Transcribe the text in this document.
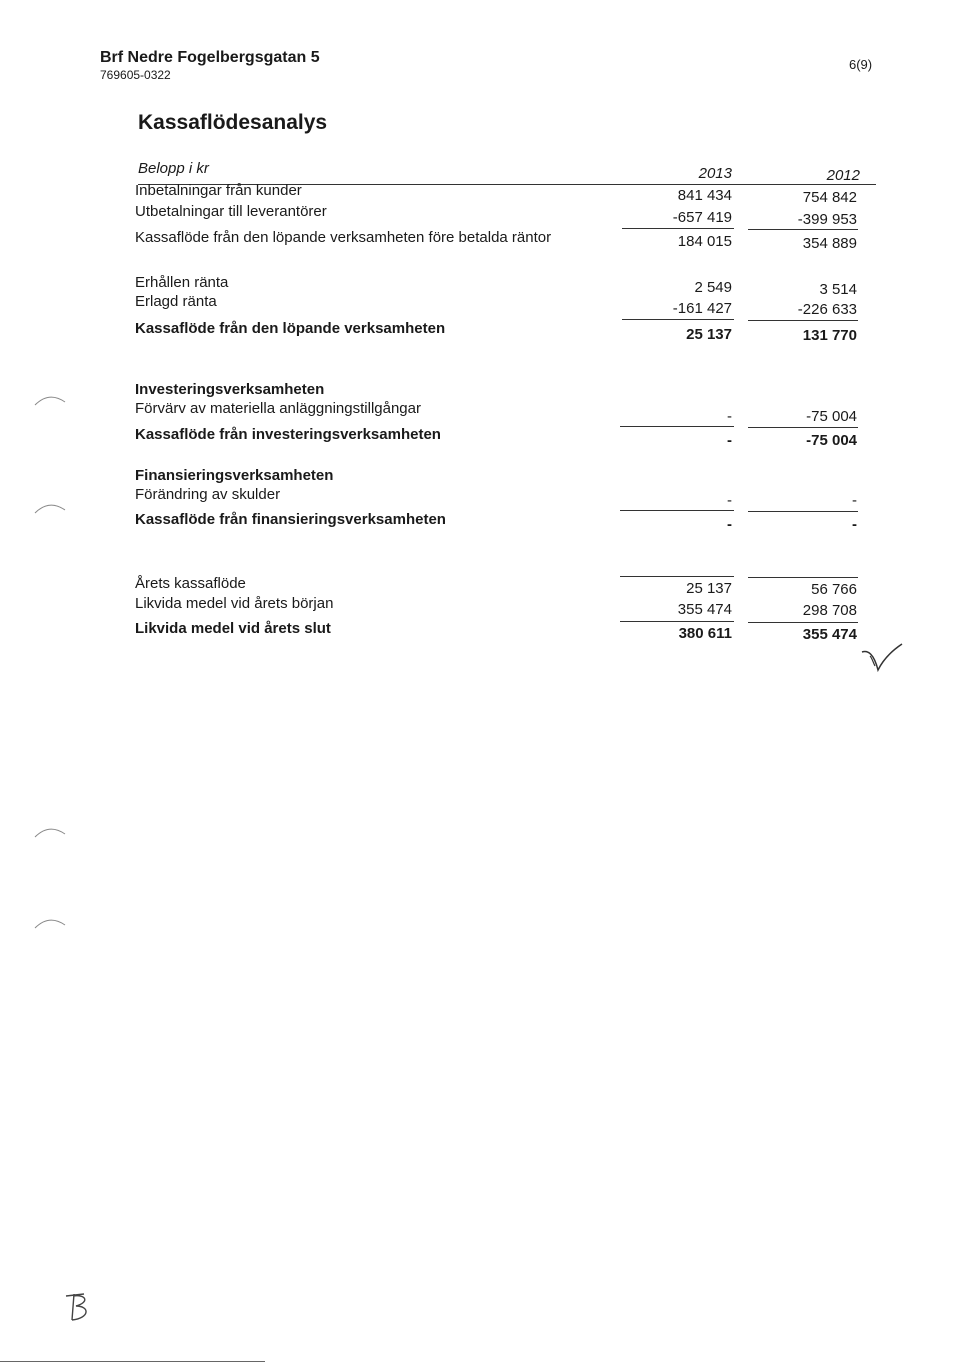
Brf Nedre Fogelbergsgatan 5
769605-0322
6(9)
Kassaflödesanalys
Belopp i kr	2013	2012
Inbetalningar från kunder	841 434	754 842
Utbetalningar till leverantörer	-657 419	-399 953
Kassaflöde från den löpande verksamheten före betalda räntor	184 015	354 889
Erhållen ränta	2 549	3 514
Erlagd ränta	-161 427	-226 633
Kassaflöde från den löpande verksamheten	25 137	131 770
Investeringsverksamheten
Förvärv av materiella anläggningstillgångar	-	-75 004
Kassaflöde från investeringsverksamheten	-	-75 004
Finansieringsverksamheten
Förändring av skulder	-	-
Kassaflöde från finansieringsverksamheten	-	-
Årets kassaflöde	25 137	56 766
Likvida medel vid årets början	355 474	298 708
Likvida medel vid årets slut	380 611	355 474
